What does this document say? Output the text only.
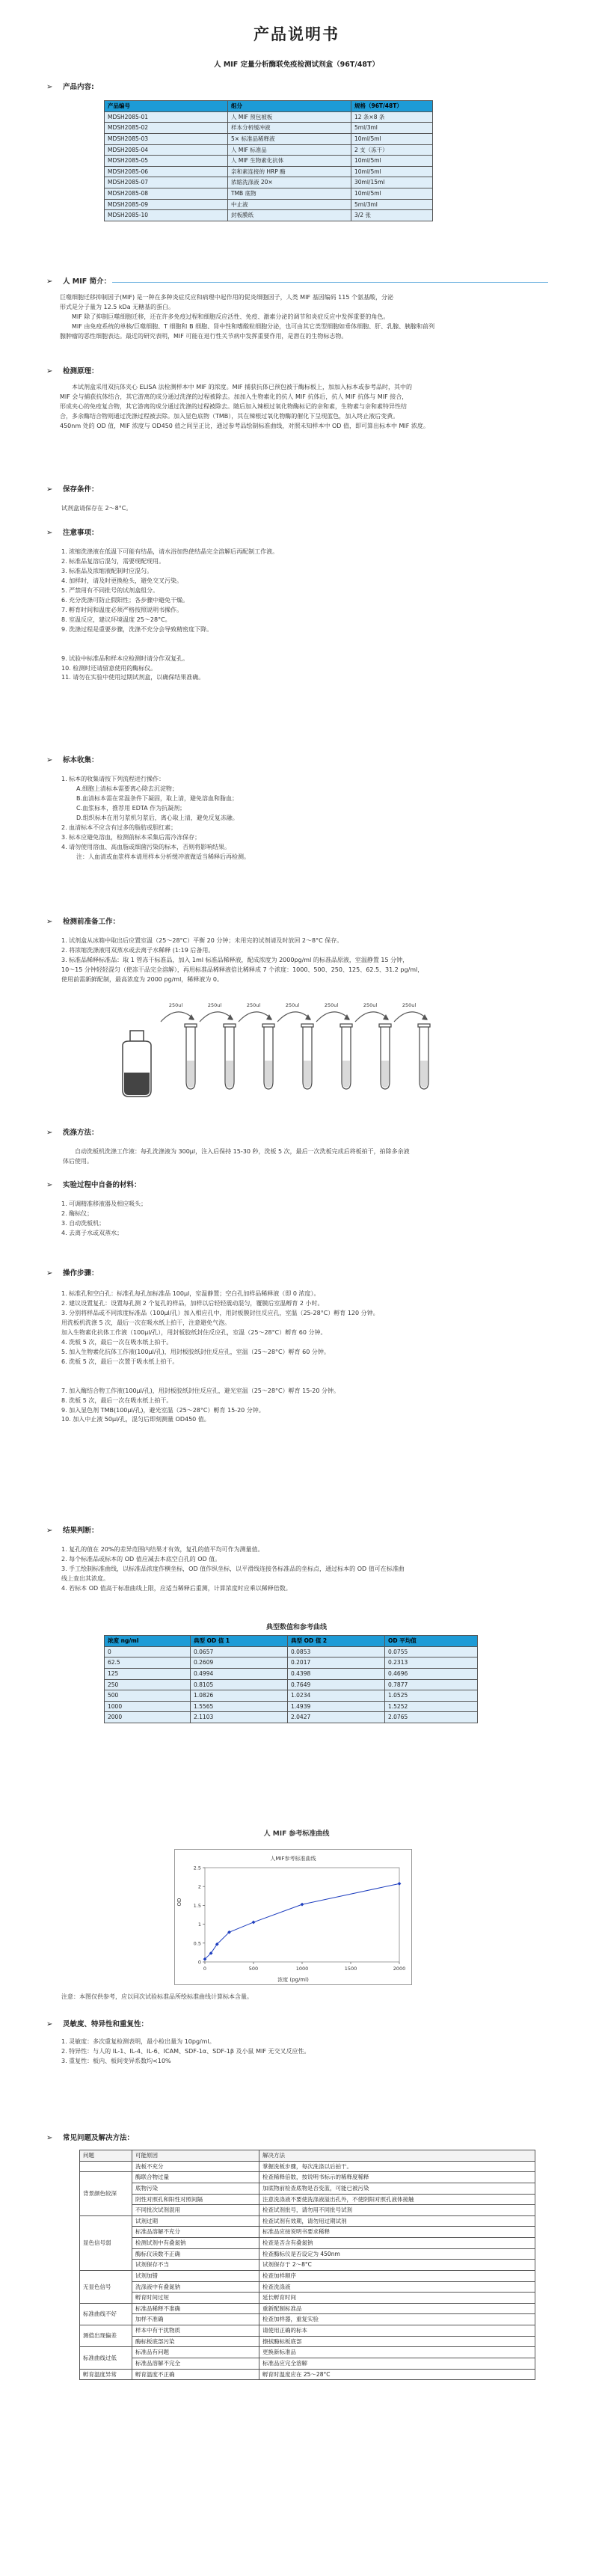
产品说明书
人 MIF 定量分析酶联免疫检测试剂盒（96T/48T）
➢
产品内容:
产品编号	组分	规格（96T/48T）
MDSH2085-01	人 MIF 预包被板	12 条×8 条
MDSH2085-02	样本分析缓冲液	5ml/3ml
MDSH2085-03	5× 标准品稀释液	10ml/5ml
MDSH2085-04	人 MIF 标准品	2 支（冻干）
MDSH2085-05	人 MIF 生物素化抗体	10ml/5ml
MDSH2085-06	亲和素连接的 HRP 酶	10ml/5ml
MDSH2085-07	浓缩洗涤液 20×	30ml/15ml
MDSH2085-08	TMB 底物	10ml/5ml
MDSH2085-09	中止液	5ml/3ml
MDSH2085-10	封板膜纸	3/2 张
➢
人 MIF 简介：
巨噬细胞迁移抑制因子(MIF) 是一种在多种炎症反应和病理中起作用的促炎细胞因子，人类 MIF 基因编码 115 个氨基酸，分泌
形式是分子量为 12.5 kDa 无糖基的蛋白。
MIF 除了抑制巨噬细胞迁移，还在许多免疫过程和细胞反应活性、免疫、激素分泌的调节和炎症反应中发挥重要的角色。
MIF 由免疫系统的单核/巨噬细胞、T 细胞和 B 细胞、肾中性和嗜酸粒细胞分泌，也可由其它类型细胞如垂体细胞、肝、乳腺、胰腺和前列
腺肿瘤的恶性细胞表达。最近的研究表明，MIF 可能在退行性关节病中发挥重要作用，是潜在的生物标志物。
➢
检测原理：
本试剂盒采用双抗体夹心 ELISA 法检测样本中 MIF 的浓度。MIF 捕获抗体已预包被于酶标板上，加加入标本或参考品时，其中的
MIF 会与捕获抗体结合，其它游离的成分通过洗涤的过程被除去。加加入生物素化的抗人 MIF 抗体后，抗人 MIF 抗体与 MIF 接合，
形成夹心的免疫复合物，其它游离的成分通过洗涤的过程被除去。随后加入辣根过氧化物酶标记的亲和素，生物素与亲和素特异性结
合，多余酶结合物则通过洗涤过程被去除。加入显色底物（TMB），其在辣根过氧化物酶的催化下呈现蓝色，加入终止液后变黄。
450nm 处的 OD 值，MIF 浓度与 OD450 值之间呈正比，通过参考品绘制标准曲线，对照未知样本中 OD 值，即可算出标本中 MIF 浓度。
➢
保存条件：
试剂盒请保存在 2～8°C。
➢
注意事项：
1. 浓缩洗涤液在低温下可能有结晶，请水浴加热使结晶完全溶解后再配制工作液。
2. 标准品复溶后混匀，需要现配现用。
3. 标准品及浓缩液配制时应混匀。
4. 加样时，请及时更换枪头，避免交叉污染。
5. 严禁用有不同批号的试剂盒组分。
6. 充分洗涤可防止假阳性；各步骤中避免干燥。
7. 孵育时间和温度必须严格按照说明书操作。
8. 室温反应，建议环境温度 25～28°C。
9. 洗涤过程是重要步骤，洗涤不充分会导致精密度下降。
9. 试验中标准品和样本应检测时请分作双复孔。
10. 检测时还请留意使用的酶标仪。
11. 请勿在实验中使用过期试剂盒，以确保结果准确。
➢
标本收集：
1. 标本的收集请按下列流程进行操作：
A.细胞上清标本需要离心除去沉淀物；
B.血清标本需在常温条件下凝固，取上清，避免溶血和脂血；
C.血浆标本，推荐用 EDTA 作为抗凝剂；
D.组织标本在用匀浆机匀浆后，离心取上清，避免反复冻融。
2. 血清标本不应含有过多的脂肪或胆红素；
3. 标本应避免溶血，检测前标本采集后需冷冻保存；
4. 请勿使用溶血、高血脂或细菌污染的标本，否则将影响结果。
注：人血清或血浆样本请用样本分析缓冲液做适当稀释后再检测。
➢
检测前准备工作：
1. 试剂盒从冰箱中取出后应置室温（25～28°C）平衡 20 分钟；未用完的试剂请及时放回 2～8°C 保存。
2. 将浓缩洗涤液用双蒸水或去离子水稀释 (1:19 后备用。
3. 标准品稀释标准品：取 1 管冻干标准品，加入 1ml 标准品稀释液，配成浓度为 2000pg/ml 的标准品原液，室温静置 15 分钟，
10～15 分钟轻轻混匀（使冻干品完全溶解），再用标准品稀释液倍比稀释成 7 个浓度：1000、500、250、125、62.5、31.2 pg/ml，
使用前需新鲜配制，最高浓度为 2000 pg/ml，稀释液为 0。
250ul	250ul	250ul	250ul	250ul	250ul	250ul
➢
洗涤方法：
自动洗板机洗涤工作液：每孔洗涤液为 300μl，注入后保持 15-30 秒，洗板 5 次，最后一次洗板完成后将板拍干，拍除多余液
体后使用。
➢
实验过程中自备的材料：
1. 可调精准移液器及相应吸头；
2. 酶标仪；
3. 自动洗板机；
4. 去离子水或双蒸水；
➢
操作步骤：
1. 标准孔和空白孔：标准孔每孔加标准品 100μl，室温静置；空白孔加样品稀释液（即 0 浓度）。
2. 建议设置复孔：设置每孔测 2 个复孔的样品，加样以后轻轻震动混匀，覆膜后室温孵育 2 小时。
3. 分别将样品或不同浓度标准品（100μl/孔）加入相应孔中，用封板膜封住反应孔，室温（25-28°C）孵育 120 分钟。
用洗板机洗涤 5 次，最后一次在吸水纸上拍干，注意避免气泡。
加入生物素化抗体工作液（100μl/孔），用封板胶纸封住反应孔，室温（25～28°C）孵育 60 分钟。
4. 洗板 5 次，最后一次在吸水纸上拍干。
5. 加入生物素化抗体工作液(100μl/孔)，用封板胶纸封住反应孔，室温（25～28°C）孵育 60 分钟。
6. 洗板 5 次，最后一次置于吸水纸上拍干。
7. 加入酶结合物工作液(100μl/孔)，用封板胶纸封住反应孔，避光室温（25～28°C）孵育 15-20 分钟。
8. 洗板 5 次，最后一次在吸水纸上拍干。
9. 加入显色剂 TMB(100μl/孔)，避光室温（25～28°C）孵育 15-20 分钟。
10. 加入中止液 50μl/孔，混匀后即刻测量 OD450 值。
➢
结果判断：
1. 复孔的值在 20%的差异范围内结果才有效，复孔的值平均可作为测量值。
2. 每个标准品或标本的 OD 值应减去本底空白孔的 OD 值。
3. 手工绘制标准曲线，以标准品浓度作横坐标，OD 值作纵坐标，以平滑线连接各标准品的坐标点，通过标本的 OD 值可在标准曲
线上查出其浓度。
4. 若标本 OD 值高于标准曲线上限，应适当稀释后重测，计算浓度时应乘以稀释倍数。
典型数值和参考曲线
浓度 ng/ml	典型 OD 值 1	典型 OD 值 2	OD 平均值
0	0.0657	0.0853	0.0755
62.5	0.2609	0.2017	0.2313
125	0.4994	0.4398	0.4696
250	0.8105	0.7649	0.7877
500	1.0826	1.0234	1.0525
1000	1.5565	1.4939	1.5252
2000	2.1103	2.0427	2.0765
人 MIF 参考标准曲线
人MIF参考标准曲线
OD
浓度 (pg/ml)
0
0.5
1
1.5
2
2.5
0	500	1000	1500	2000
注意：本图仅供参考，应以同次试验标准品所绘标准曲线计算标本含量。
➢
灵敏度、特异性和重复性：
1. 灵敏度：多次重复检测表明，最小检出量为 10pg/ml。
2. 特异性：与人的 IL-1、IL-4、IL-6、ICAM、SDF-1α、SDF-1β 及小鼠 MIF 无交叉反应性。
3. 重复性：板内、板间变异系数均<10%
➢
常见问题及解决方法：
问题	可能原因	解决方法
	洗板不充分	掌握洗板步骤，每次洗涤以后拍干。
背景颜色较深	酶联合物过量	检查稀释倍数，按说明书标示的稀释度稀释
	底物污染	加底物前检查底物是否变蓝，可能已被污染
	阴性对照孔和阳性对照间隔	注意洗涤液不要使洗涤液溢出孔外，不使阴阳对照孔液体接触
	不同批次试剂混用	检查试剂批号，请勿用不同批号试剂
显色信号弱	试剂过期	检查试剂有效期，请勿用过期试剂
	标准品溶解不充分	标准品应按说明书要求稀释
	检测试剂中有叠氮钠	检查是否含有叠氮钠
	酶标仪读数不正确	检查酶标仪是否设定为 450nm
	试剂保存不当	试剂保存于 2～8°C
无显色信号	试剂加错	检查加样顺序
	洗涤液中有叠氮钠	检查洗涤液
	孵育时间过短	延长孵育时间
标准曲线不好	标准品稀释不准确	重新配制标准品
	加样不准确	检查加样器，重复实验
测值出现偏差	样本中有干扰物质	请使用正确的标本
	酶标板底部污染	擦拭酶标板底部
标准曲线过低	标准品有问题	更换新标准品
	标准品溶解不完全	标准品应完全溶解
孵育温度异常	孵育温度不正确	孵育时温度应在 25～28°C
